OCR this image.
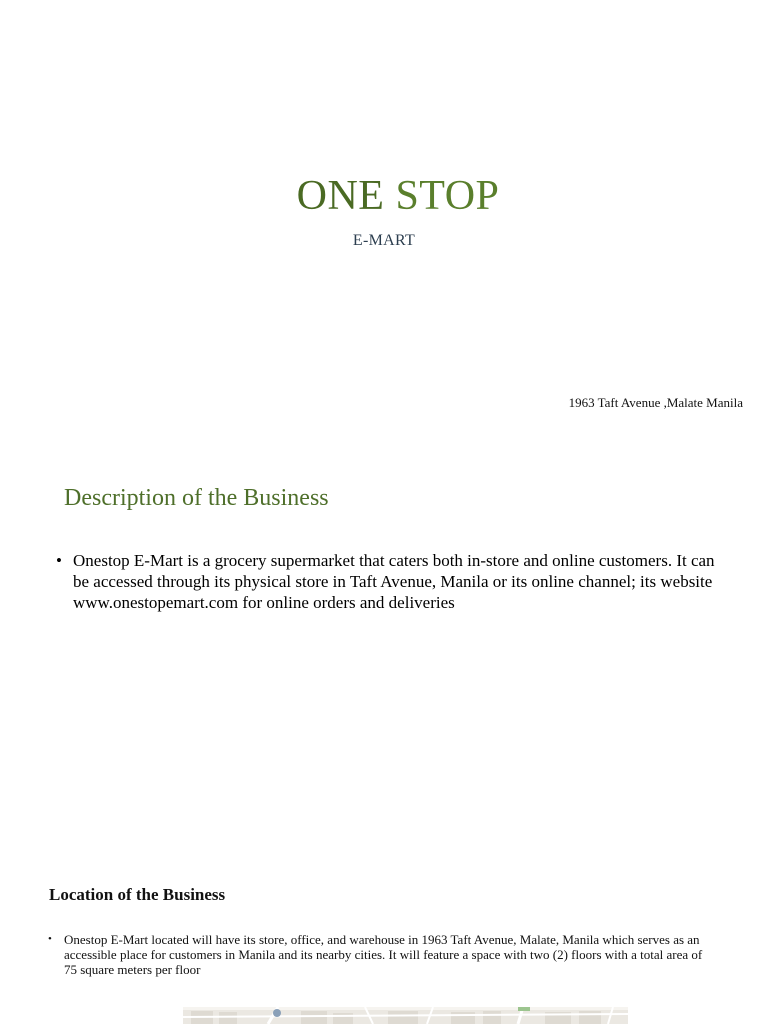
ONE STOP
E-MART
1963 Taft Avenue ,Malate Manila
Description of the Business
• Onestop E-Mart is a grocery supermarket that caters both in-store and online customers. It can be accessed through its physical store in Taft Avenue, Manila or its online channel; its website www.onestopemart.com for online orders and deliveries
Location of the Business
• Onestop E-Mart located will have its store, office, and warehouse in 1963 Taft Avenue, Malate, Manila which serves as an accessible place for customers in Manila and its nearby cities. It will feature a space with two (2) floors with a total area of 75 square meters per floor
